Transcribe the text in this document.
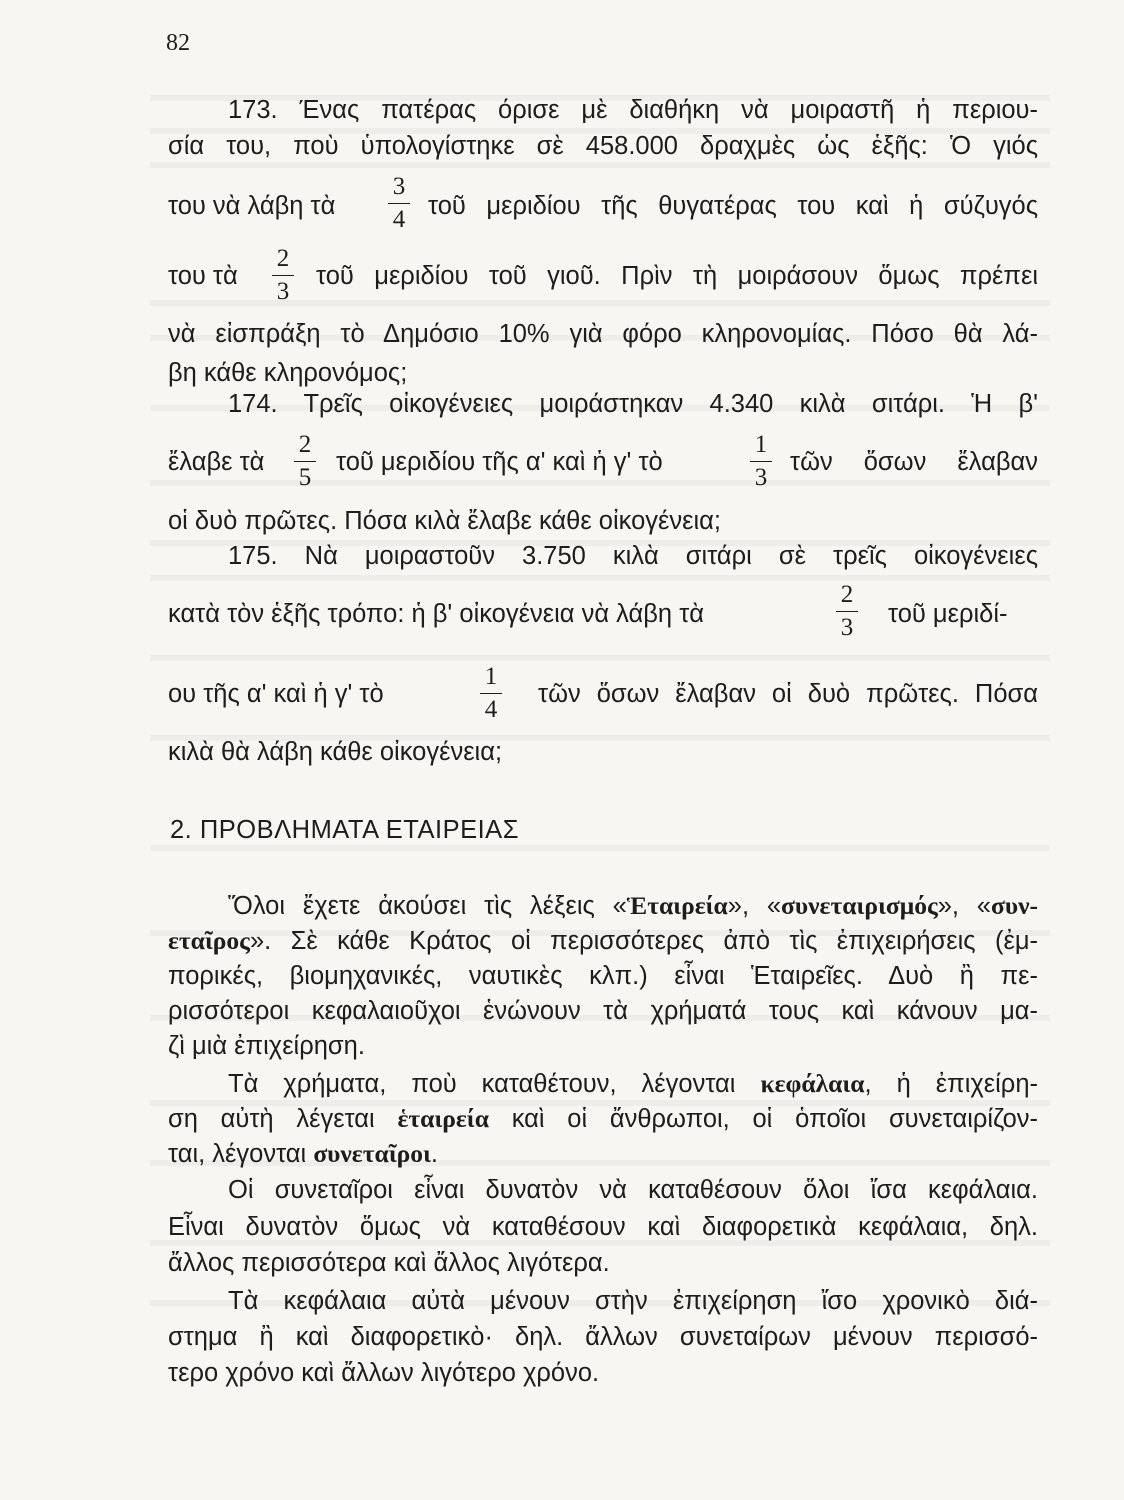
82
173. Ένας πατέρας όρισε μὲ διαθήκη νὰ μοιραστῆ ἡ περιου-
σία του, ποὺ ὑπολογίστηκε σὲ 458.000 δραχμὲς ὡς ἑξῆς: Ὁ γιός
του νὰ λάβη τὰ
3
4 τοῦ μεριδίου τῆς θυγατέρας του καὶ ἡ σύζυγός
του τὰ
2
3
τοῦ μεριδίου τοῦ γιοῦ. Πρὶν τὴ μοιράσουν ὅμως πρέπει
νὰ εἰσπράξη τὸ Δημόσιο 10% γιὰ φόρο κληρονομίας. Πόσο θὰ λά-
βη κάθε κληρονόμος;
174. Τρεῖς οἰκογένειες μοιράστηκαν 4.340 κιλὰ σιτάρι. Ἡ β'
ἔλαβε τὰ
2
5
τοῦ μεριδίου τῆς α' καὶ ἡ γ' τὸ
1
3
τῶν ὅσων ἔλαβαν
οἱ δυὸ πρῶτες. Πόσα κιλὰ ἔλαβε κάθε οἰκογένεια;
175. Νὰ μοιραστοῦν 3.750 κιλὰ σιτάρι σὲ τρεῖς οἰκογένειες
κατὰ τὸν ἑξῆς τρόπο: ἡ β' οἰκογένεια νὰ λάβη τὰ
2
3	τοῦ μεριδί-
ου τῆς α' καὶ ἡ γ' τὸ
1
4
τῶν ὅσων ἔλαβαν οἱ δυὸ πρῶτες. Πόσα
κιλὰ θὰ λάβη κάθε οἰκογένεια;
2. ΠΡΟΒΛΗΜΑΤΑ ΕΤΑΙΡΕΙΑΣ
Ὅλοι ἔχετε ἀκούσει τὶς λέξεις «Ἑταιρεία», «συνεταιρισμός», «συν-
εταῖρος». Σὲ κάθε Κράτος οἱ περισσότερες ἀπὸ τὶς ἐπιχειρήσεις (ἐμ-
πορικές, βιομηχανικές, ναυτικὲς κλπ.) εἶναι Ἑταιρεῖες. Δυὸ ἢ πε-
ρισσότεροι κεφαλαιοῦχοι ἑνώνουν τὰ χρήματά τους καὶ κάνουν μα-
ζὶ μιὰ ἐπιχείρηση.
Τὰ χρήματα, ποὺ καταθέτουν, λέγονται κεφάλαια, ἡ ἐπιχείρη-
ση αὐτὴ λέγεται ἑταιρεία καὶ οἱ ἄνθρωποι, οἱ ὁποῖοι συνεταιρίζον-
ται, λέγονται συνεταῖροι.
Οἱ συνεταῖροι εἶναι δυνατὸν νὰ καταθέσουν ὅλοι ἴσα κεφάλαια.
Εἶναι δυνατὸν ὅμως νὰ καταθέσουν καὶ διαφορετικὰ κεφάλαια, δηλ.
ἄλλος περισσότερα καὶ ἄλλος λιγότερα.
Τὰ κεφάλαια αὐτὰ μένουν στὴν ἐπιχείρηση ἴσο χρονικὸ διά-
στημα ἢ καὶ διαφορετικὸ· δηλ. ἄλλων συνεταίρων μένουν περισσό-
τερο χρόνο καὶ ἄλλων λιγότερο χρόνο.
